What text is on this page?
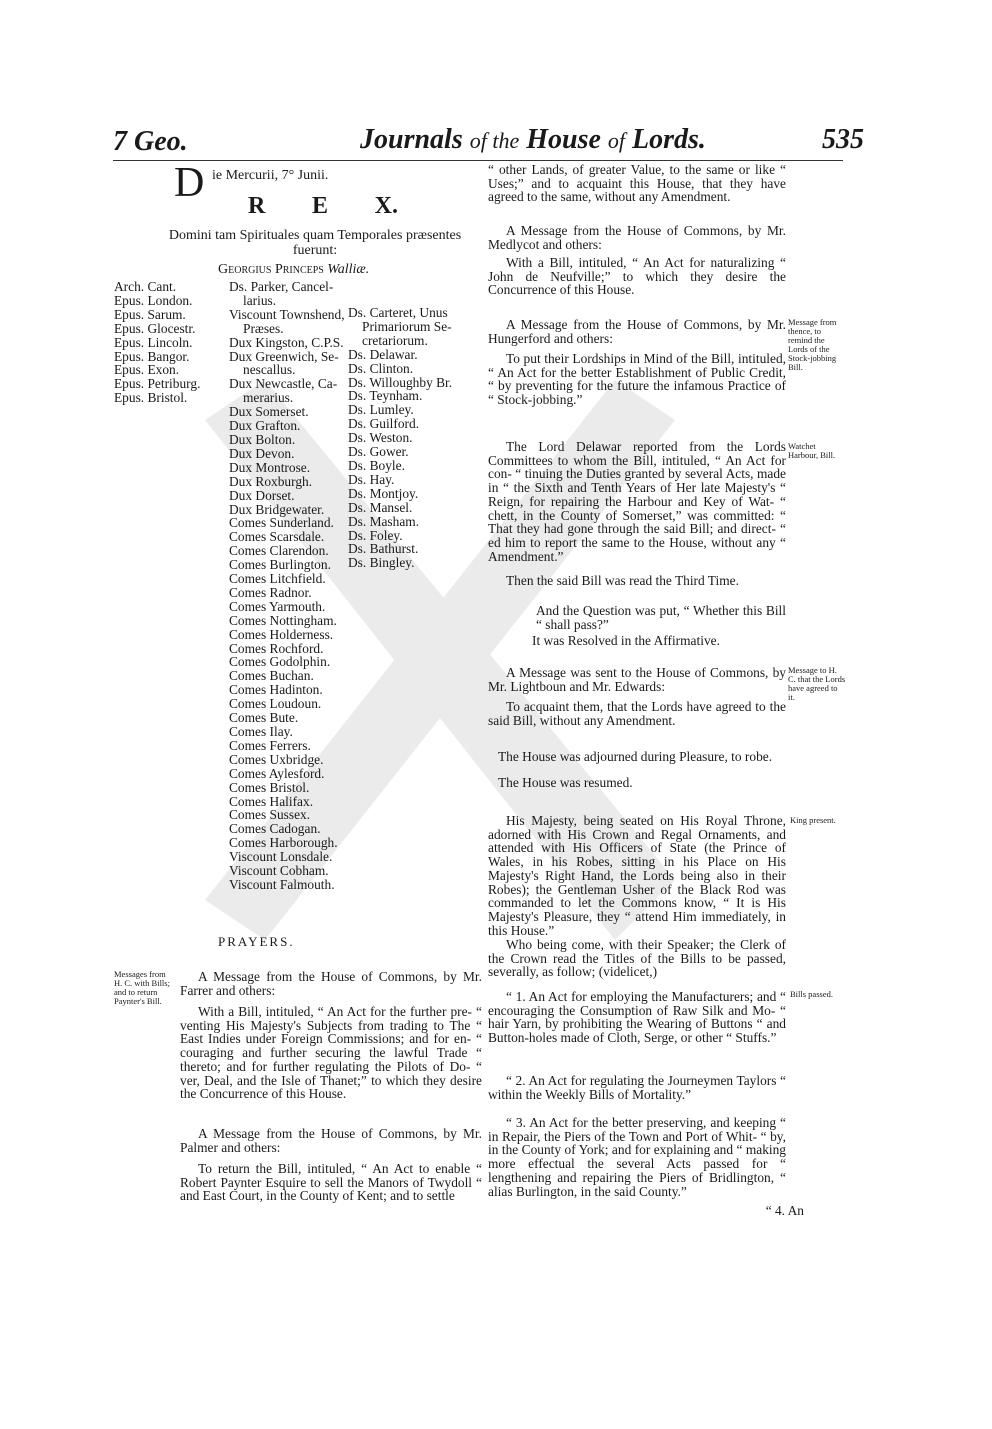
7 Geo.	Journals of the House of Lords.	535
D ie Mercurii, 7° Junii.
R E X.
Domini tam Spirituales quam Temporales præsentes fuerunt:
Georgius Princeps Walliæ.
Arch. Cant.
Epus. London.
Epus. Sarum.
Epus. Glocestr.
Epus. Lincoln.
Epus. Bangor.
Epus. Exon.
Epus. Petriburg.
Epus. Bristol.
Ds. Parker, Cancel-
larius.
Viscount Townshend,
Præses.
Dux Kingston, C.P.S.
Dux Greenwich, Se-
nescallus.
Dux Newcastle, Ca-
merarius.
Dux Somerset.
Dux Grafton.
Dux Bolton.
Dux Devon.
Dux Montrose.
Dux Roxburgh.
Dux Dorset.
Dux Bridgewater.
Comes Sunderland.
Comes Scarsdale.
Comes Clarendon.
Comes Burlington.
Comes Litchfield.
Comes Radnor.
Comes Yarmouth.
Comes Nottingham.
Comes Holderness.
Comes Rochford.
Comes Godolphin.
Comes Buchan.
Comes Hadinton.
Comes Loudoun.
Comes Bute.
Comes Ilay.
Comes Ferrers.
Comes Uxbridge.
Comes Aylesford.
Comes Bristol.
Comes Halifax.
Comes Sussex.
Comes Cadogan.
Comes Harborough.
Viscount Lonsdale.
Viscount Cobham.
Viscount Falmouth.
Ds. Carteret, Unus
Primariorum Se-
cretariorum.
Ds. Delawar.
Ds. Clinton.
Ds. Willoughby Br.
Ds. Teynham.
Ds. Lumley.
Ds. Guilford.
Ds. Weston.
Ds. Gower.
Ds. Boyle.
Ds. Hay.
Ds. Montjoy.
Ds. Mansel.
Ds. Masham.
Ds. Foley.
Ds. Bathurst.
Ds. Bingley.
PRAYERS.
Messages from H. C. with Bills; and to return Paynter's Bill.
A Message from the House of Commons, by Mr. Farrer and others:
With a Bill, intituled, “ An Act for the further pre- “ venting His Majesty's Subjects from trading to The “ East Indies under Foreign Commissions; and for en- “ couraging and further securing the lawful Trade “ thereto; and for further regulating the Pilots of Do- “ ver, Deal, and the Isle of Thanet;” to which they desire the Concurrence of this House.
A Message from the House of Commons, by Mr. Palmer and others:
To return the Bill, intituled, “ An Act to enable “ Robert Paynter Esquire to sell the Manors of Twydoll “ and East Court, in the County of Kent; and to settle
“ other Lands, of greater Value, to the same or like “ Uses;” and to acquaint this House, that they have agreed to the same, without any Amendment.
A Message from the House of Commons, by Mr. Medlycot and others:
With a Bill, intituled, “ An Act for naturalizing “ John de Neufville;” to which they desire the Concurrence of this House.
Message from thence, to remind the Lords of the Stock-jobbing Bill.
A Message from the House of Commons, by Mr. Hungerford and others:
To put their Lordships in Mind of the Bill, intituled, “ An Act for the better Establishment of Public Credit, “ by preventing for the future the infamous Practice of “ Stock-jobbing.”
Watchet Harbour, Bill.
The Lord Delawar reported from the Lords Committees to whom the Bill, intituled, “ An Act for con- “ tinuing the Duties granted by several Acts, made in “ the Sixth and Tenth Years of Her late Majesty's “ Reign, for repairing the Harbour and Key of Wat- “ chett, in the County of Somerset,” was committed: “ That they had gone through the said Bill; and direct- “ ed him to report the same to the House, without any “ Amendment.”
Then the said Bill was read the Third Time.
And the Question was put, “ Whether this Bill “ shall pass?”
It was Resolved in the Affirmative.
Message to H. C. that the Lords have agreed to it.
A Message was sent to the House of Commons, by Mr. Lightboun and Mr. Edwards:
To acquaint them, that the Lords have agreed to the said Bill, without any Amendment.
The House was adjourned during Pleasure, to robe.
The House was resumed.
King present.
His Majesty, being seated on His Royal Throne, adorned with His Crown and Regal Ornaments, and attended with His Officers of State (the Prince of Wales, in his Robes, sitting in his Place on His Majesty's Right Hand, the Lords being also in their Robes); the Gentleman Usher of the Black Rod was commanded to let the Commons know, “ It is His Majesty's Pleasure, they “ attend Him immediately, in this House.”
Who being come, with their Speaker; the Clerk of the Crown read the Titles of the Bills to be passed, severally, as follow; (videlicet,)
Bills passed.
“ 1. An Act for employing the Manufacturers; and “ encouraging the Consumption of Raw Silk and Mo- “ hair Yarn, by prohibiting the Wearing of Buttons “ and Button-holes made of Cloth, Serge, or other “ Stuffs.”
“ 2. An Act for regulating the Journeymen Taylors “ within the Weekly Bills of Mortality.”
“ 3. An Act for the better preserving, and keeping “ in Repair, the Piers of the Town and Port of Whit- “ by, in the County of York; and for explaining and “ making more effectual the several Acts passed for “ lengthening and repairing the Piers of Bridlington, “ alias Burlington, in the said County.”
“ 4. An
